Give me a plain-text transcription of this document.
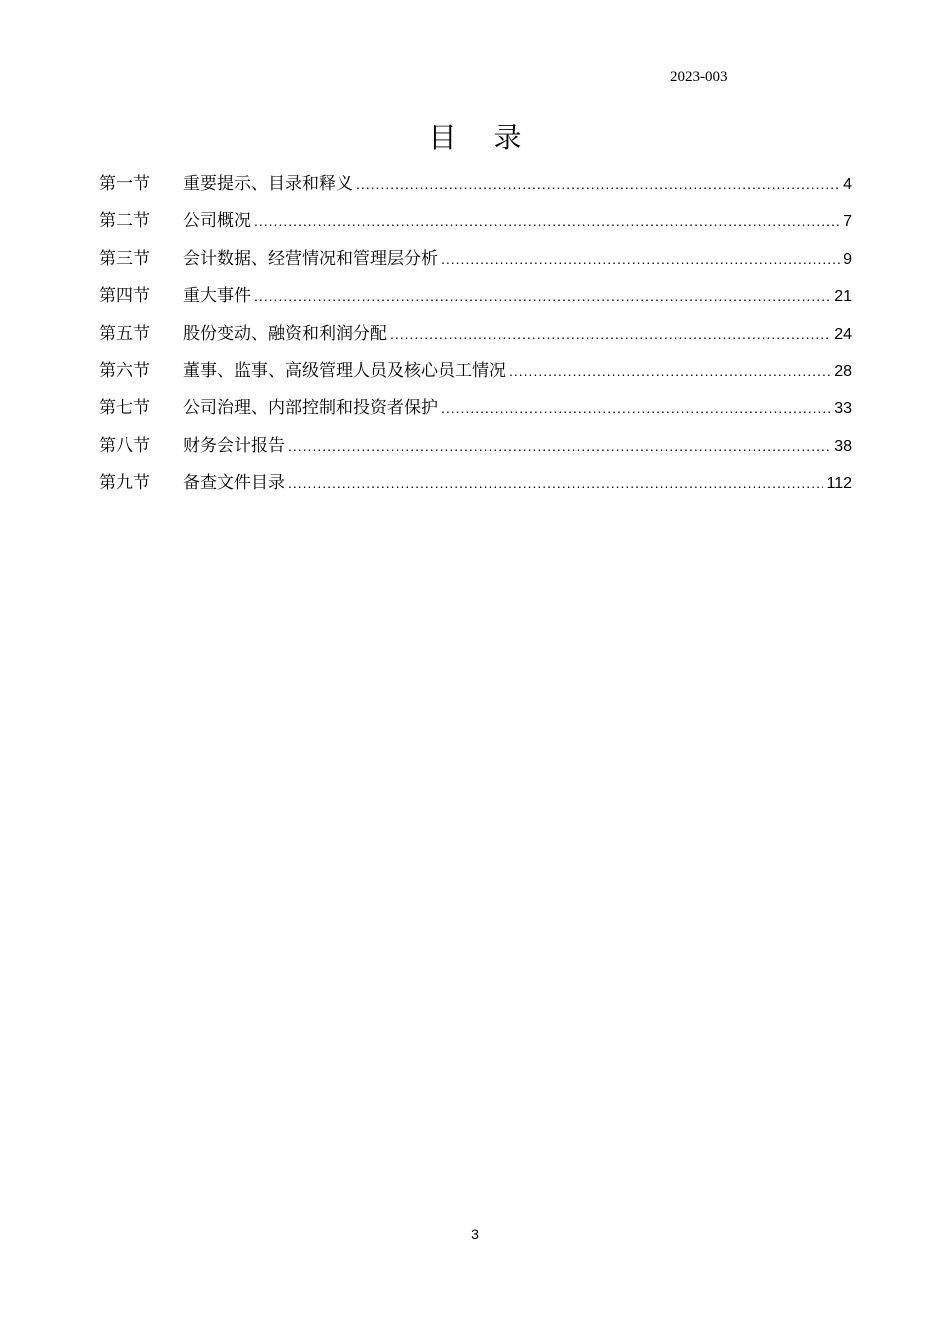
2023-003
目 录
第一节	重要提示、目录和释义 .....	4
第二节	公司概况 .....	7
第三节	会计数据、经营情况和管理层分析 .....	9
第四节	重大事件 .....	21
第五节	股份变动、融资和利润分配 .....	24
第六节	董事、监事、高级管理人员及核心员工情况 .....	28
第七节	公司治理、内部控制和投资者保护 .....	33
第八节	财务会计报告 .....	38
第九节	备查文件目录 .....	112
3
